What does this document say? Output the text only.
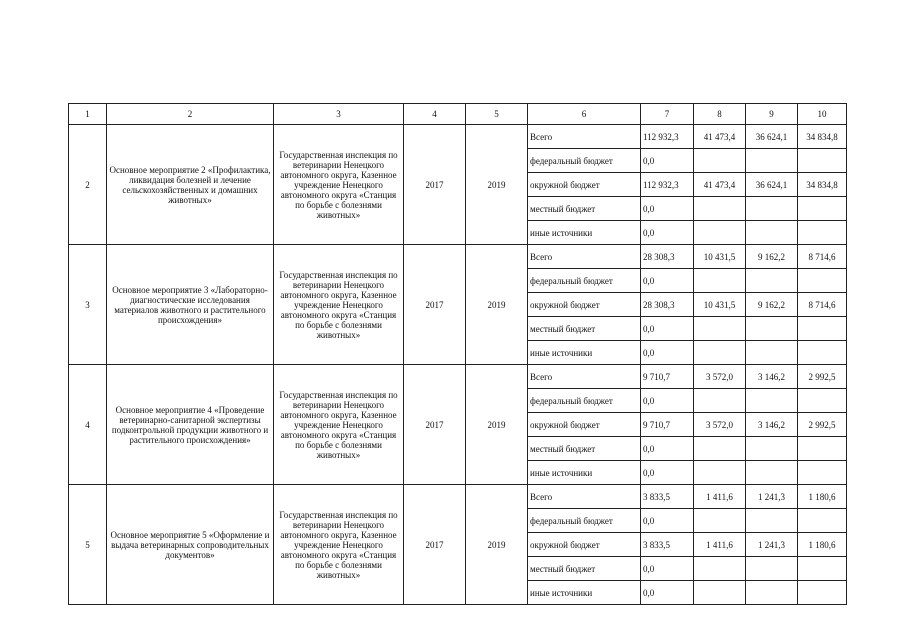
1	2	3	4	5	6	7	8	9	10
2	Основное мероприятие 2 «Профилактика, ликвидация болезней и лечение сельскохозяйственных и домашних животных»	Государственная инспекция по ветеринарии Ненецкого автономного округа, Казенное учреждение Ненецкого автономного округа «Станция по борьбе с болезнями животных»	2017	2019	Всего	112 932,3	41 473,4	36 624,1	34 834,8
					федеральный бюджет	0,0			
					окружной бюджет	112 932,3	41 473,4	36 624,1	34 834,8
					местный бюджет	0,0			
					иные источники	0,0			
3	Основное мероприятие 3 «Лабораторно-диагностические исследования материалов животного и растительного происхождения»	Государственная инспекция по ветеринарии Ненецкого автономного округа, Казенное учреждение Ненецкого автономного округа «Станция по борьбе с болезнями животных»	2017	2019	Всего	28 308,3	10 431,5	9 162,2	8 714,6
					федеральный бюджет	0,0			
					окружной бюджет	28 308,3	10 431,5	9 162,2	8 714,6
					местный бюджет	0,0			
					иные источники	0,0			
4	Основное мероприятие 4 «Проведение ветеринарно-санитарной экспертизы подконтрольной продукции животного и растительного происхождения»	Государственная инспекция по ветеринарии Ненецкого автономного округа, Казенное учреждение Ненецкого автономного округа «Станция по борьбе с болезнями животных»	2017	2019	Всего	9 710,7	3 572,0	3 146,2	2 992,5
					федеральный бюджет	0,0			
					окружной бюджет	9 710,7	3 572,0	3 146,2	2 992,5
					местный бюджет	0,0			
					иные источники	0,0			
5	Основное мероприятие 5 «Оформление и выдача ветеринарных сопроводительных документов»	Государственная инспекция по ветеринарии Ненецкого автономного округа, Казенное учреждение Ненецкого автономного округа «Станция по борьбе с болезнями животных»	2017	2019	Всего	3 833,5	1 411,6	1 241,3	1 180,6
					федеральный бюджет	0,0			
					окружной бюджет	3 833,5	1 411,6	1 241,3	1 180,6
					местный бюджет	0,0			
					иные источники	0,0			
